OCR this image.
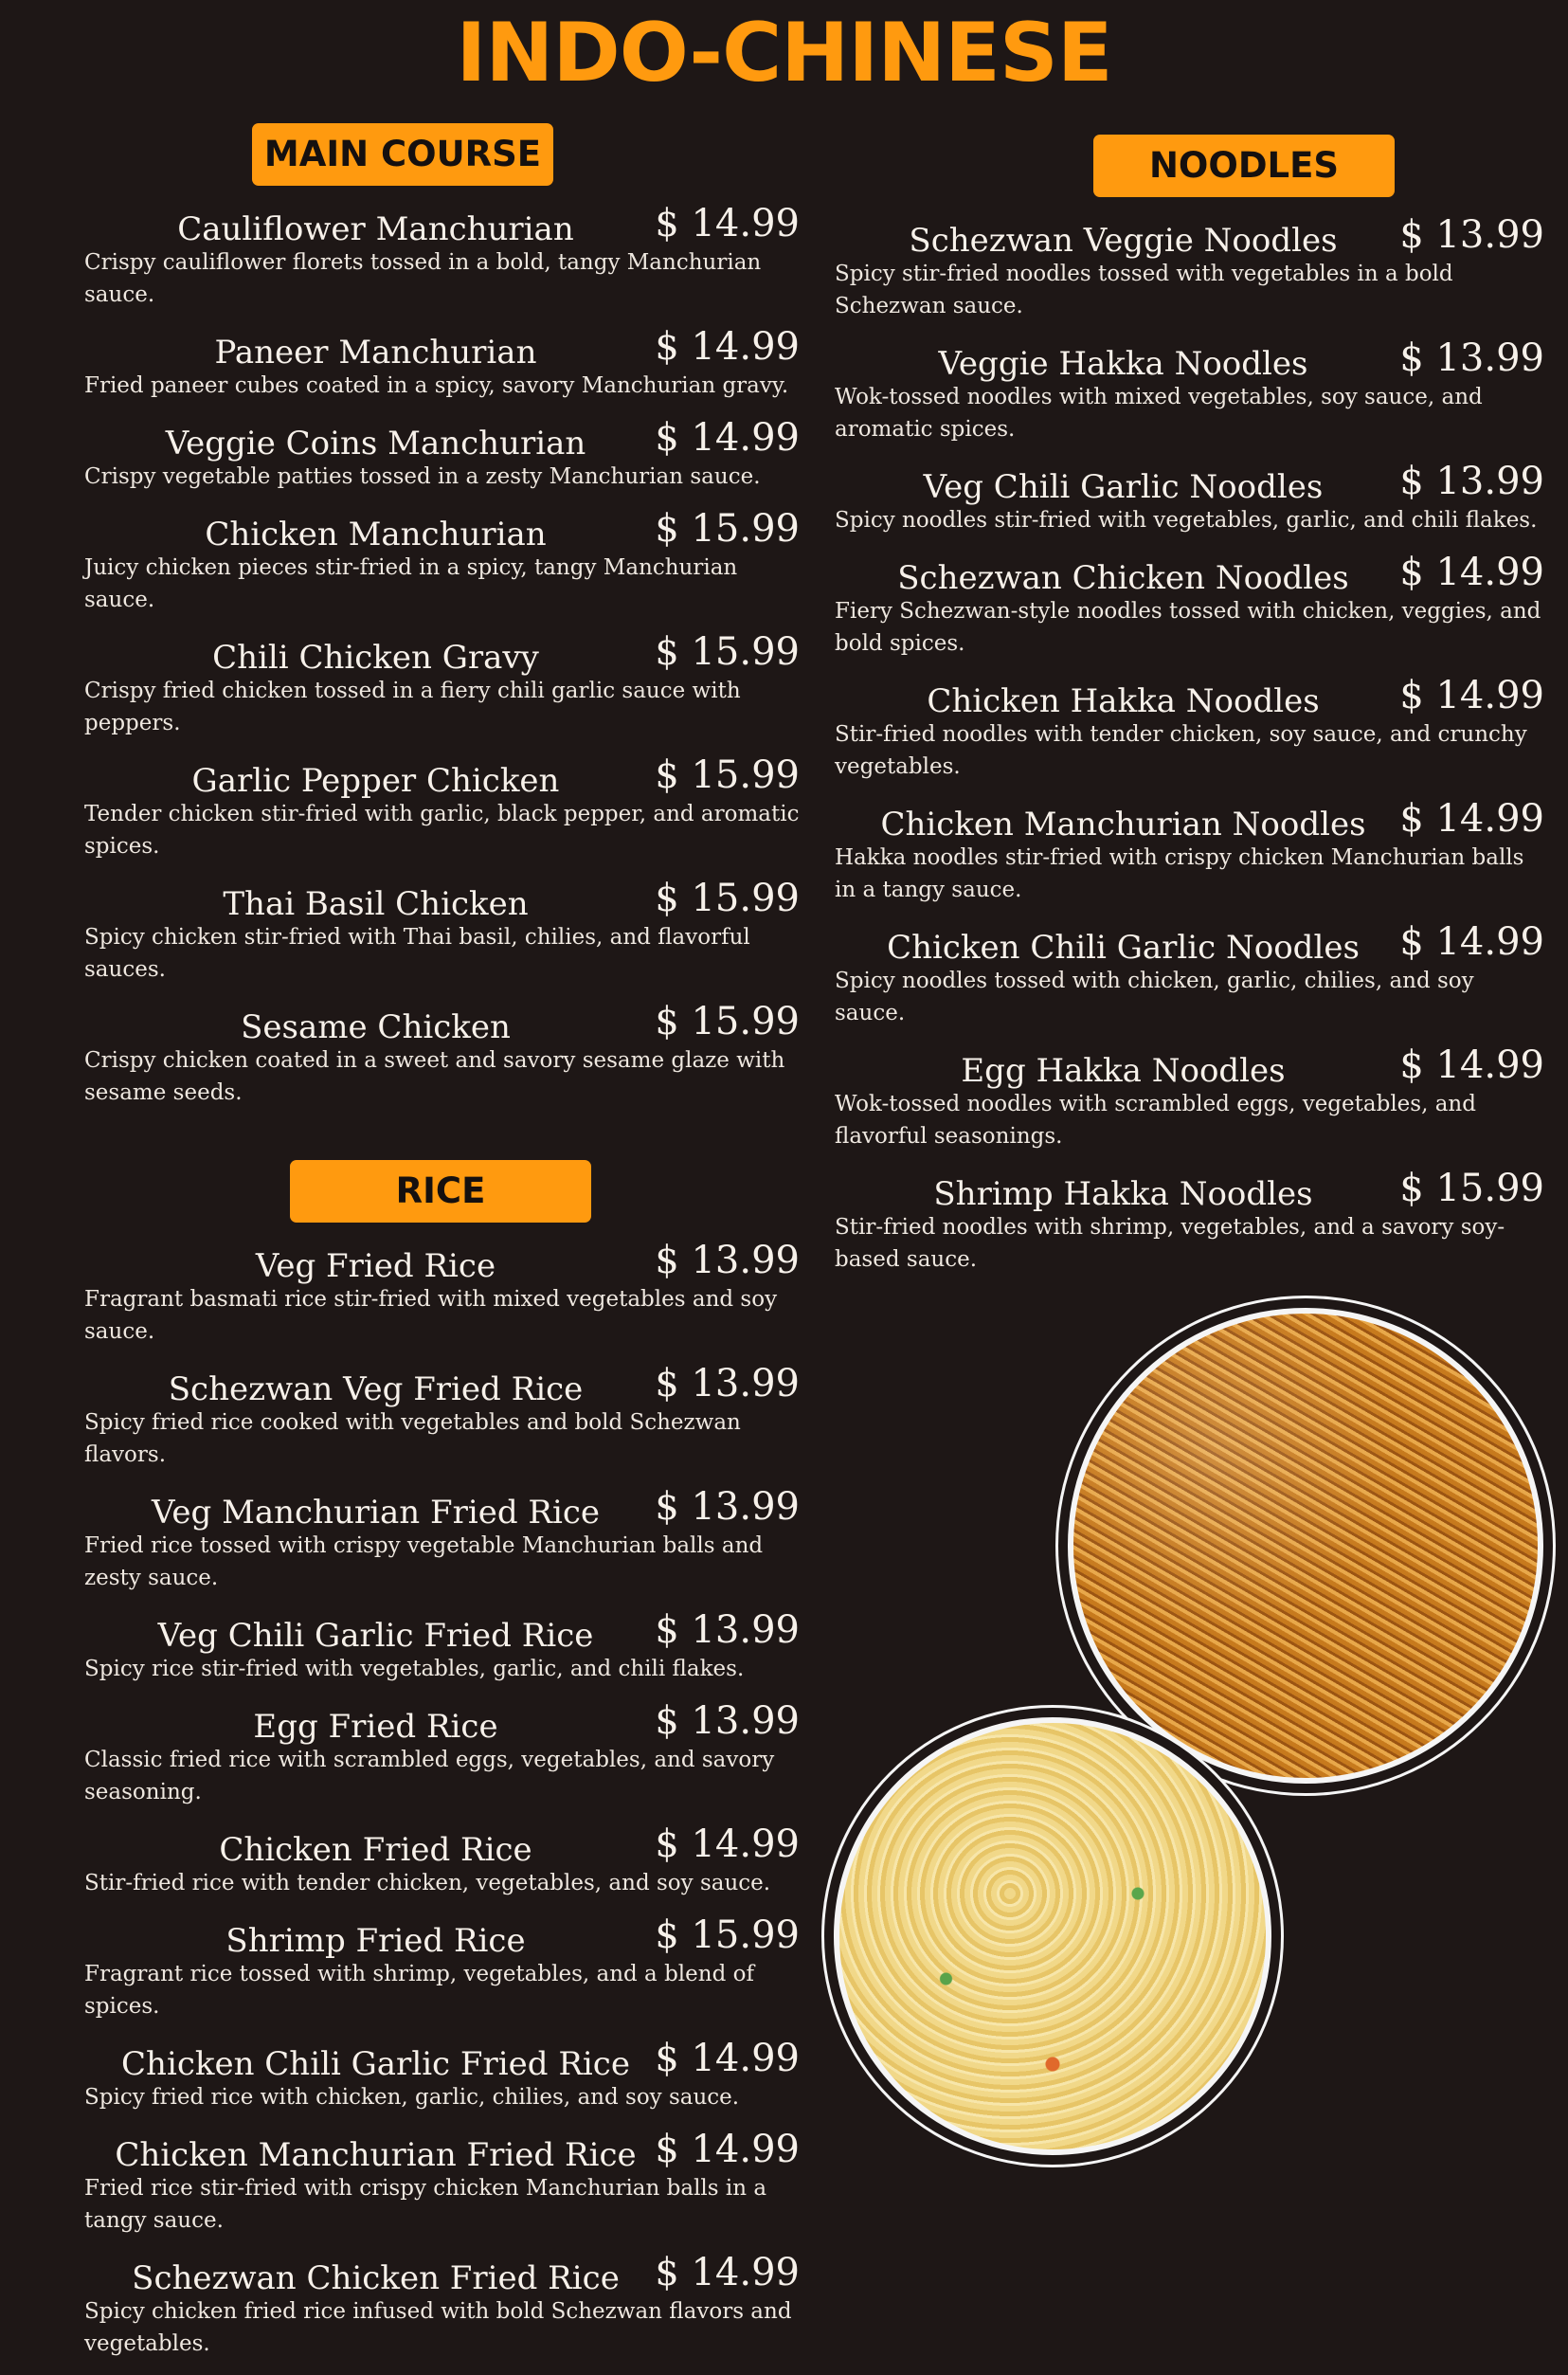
INDO-CHINESE
MAIN COURSE
Cauliflower Manchurian	$ 14.99
Crispy cauliflower florets tossed in a bold, tangy Manchurian sauce.
Paneer Manchurian	$ 14.99
Fried paneer cubes coated in a spicy, savory Manchurian gravy.
Veggie Coins Manchurian	$ 14.99
Crispy vegetable patties tossed in a zesty Manchurian sauce.
Chicken Manchurian	$ 15.99
Juicy chicken pieces stir-fried in a spicy, tangy Manchurian sauce.
Chili Chicken Gravy	$ 15.99
Crispy fried chicken tossed in a fiery chili garlic sauce with peppers.
Garlic Pepper Chicken	$ 15.99
Tender chicken stir-fried with garlic, black pepper, and aromatic spices.
Thai Basil Chicken	$ 15.99
Spicy chicken stir-fried with Thai basil, chilies, and flavorful sauces.
Sesame Chicken	$ 15.99
Crispy chicken coated in a sweet and savory sesame glaze with sesame seeds.
RICE
Veg Fried Rice	$ 13.99
Fragrant basmati rice stir-fried with mixed vegetables and soy sauce.
Schezwan Veg Fried Rice	$ 13.99
Spicy fried rice cooked with vegetables and bold Schezwan flavors.
Veg Manchurian Fried Rice	$ 13.99
Fried rice tossed with crispy vegetable Manchurian balls and zesty sauce.
Veg Chili Garlic Fried Rice	$ 13.99
Spicy rice stir-fried with vegetables, garlic, and chili flakes.
Egg Fried Rice	$ 13.99
Classic fried rice with scrambled eggs, vegetables, and savory seasoning.
Chicken Fried Rice	$ 14.99
Stir-fried rice with tender chicken, vegetables, and soy sauce.
Shrimp Fried Rice	$ 15.99
Fragrant rice tossed with shrimp, vegetables, and a blend of spices.
Chicken Chili Garlic Fried Rice $ 14.99
Spicy fried rice with chicken, garlic, chilies, and soy sauce.
Chicken Manchurian Fried Rice $ 14.99
Fried rice stir-fried with crispy chicken Manchurian balls in a tangy sauce.
Schezwan Chicken Fried Rice $ 14.99
Spicy chicken fried rice infused with bold Schezwan flavors and vegetables.
NOODLES
Schezwan Veggie Noodles	$ 13.99
Spicy stir-fried noodles tossed with vegetables in a bold Schezwan sauce.
Veggie Hakka Noodles	$ 13.99
Wok-tossed noodles with mixed vegetables, soy sauce, and aromatic spices.
Veg Chili Garlic Noodles	$ 13.99
Spicy noodles stir-fried with vegetables, garlic, and chili flakes.
Schezwan Chicken Noodles	$ 14.99
Fiery Schezwan-style noodles tossed with chicken, veggies, and bold spices.
Chicken Hakka Noodles	$ 14.99
Stir-fried noodles with tender chicken, soy sauce, and crunchy vegetables.
Chicken Manchurian Noodles $ 14.99
Hakka noodles stir-fried with crispy chicken Manchurian balls in a tangy sauce.
Chicken Chili Garlic Noodles	$ 14.99
Spicy noodles tossed with chicken, garlic, chilies, and soy sauce.
Egg Hakka Noodles	$ 14.99
Wok-tossed noodles with scrambled eggs, vegetables, and flavorful seasonings.
Shrimp Hakka Noodles	$ 15.99
Stir-fried noodles with shrimp, vegetables, and a savory soy-based sauce.
